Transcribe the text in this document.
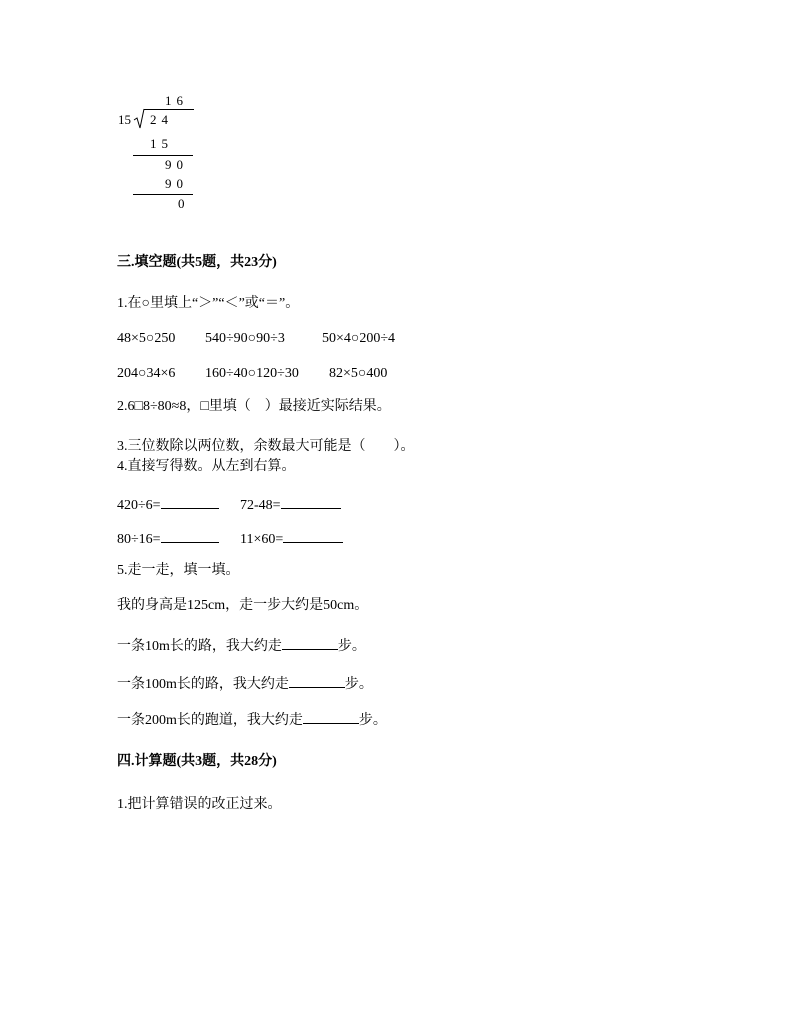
16
15 24
15
90
90
0
三.填空题(共5题，共23分)
1.在○里填上“＞”“＜”或“＝”。
48×5○250 540÷90○90÷3	50×4○200÷4
204○34×6 160÷40○120÷30 82×5○400
2.6□8÷80≈8，□里填（　）最接近实际结果。
3.三位数除以两位数，余数最大可能是（　　）。
4.直接写得数。从左到右算。
420÷6=	72-48=
80÷16=	11×60=
5.走一走，填一填。
我的身高是125cm，走一步大约是50cm。
一条10m长的路，我大约走	步。
一条100m长的路，我大约走	步。
一条200m长的跑道，我大约走	步。
四.计算题(共3题，共28分)
1.把计算错误的改正过来。
